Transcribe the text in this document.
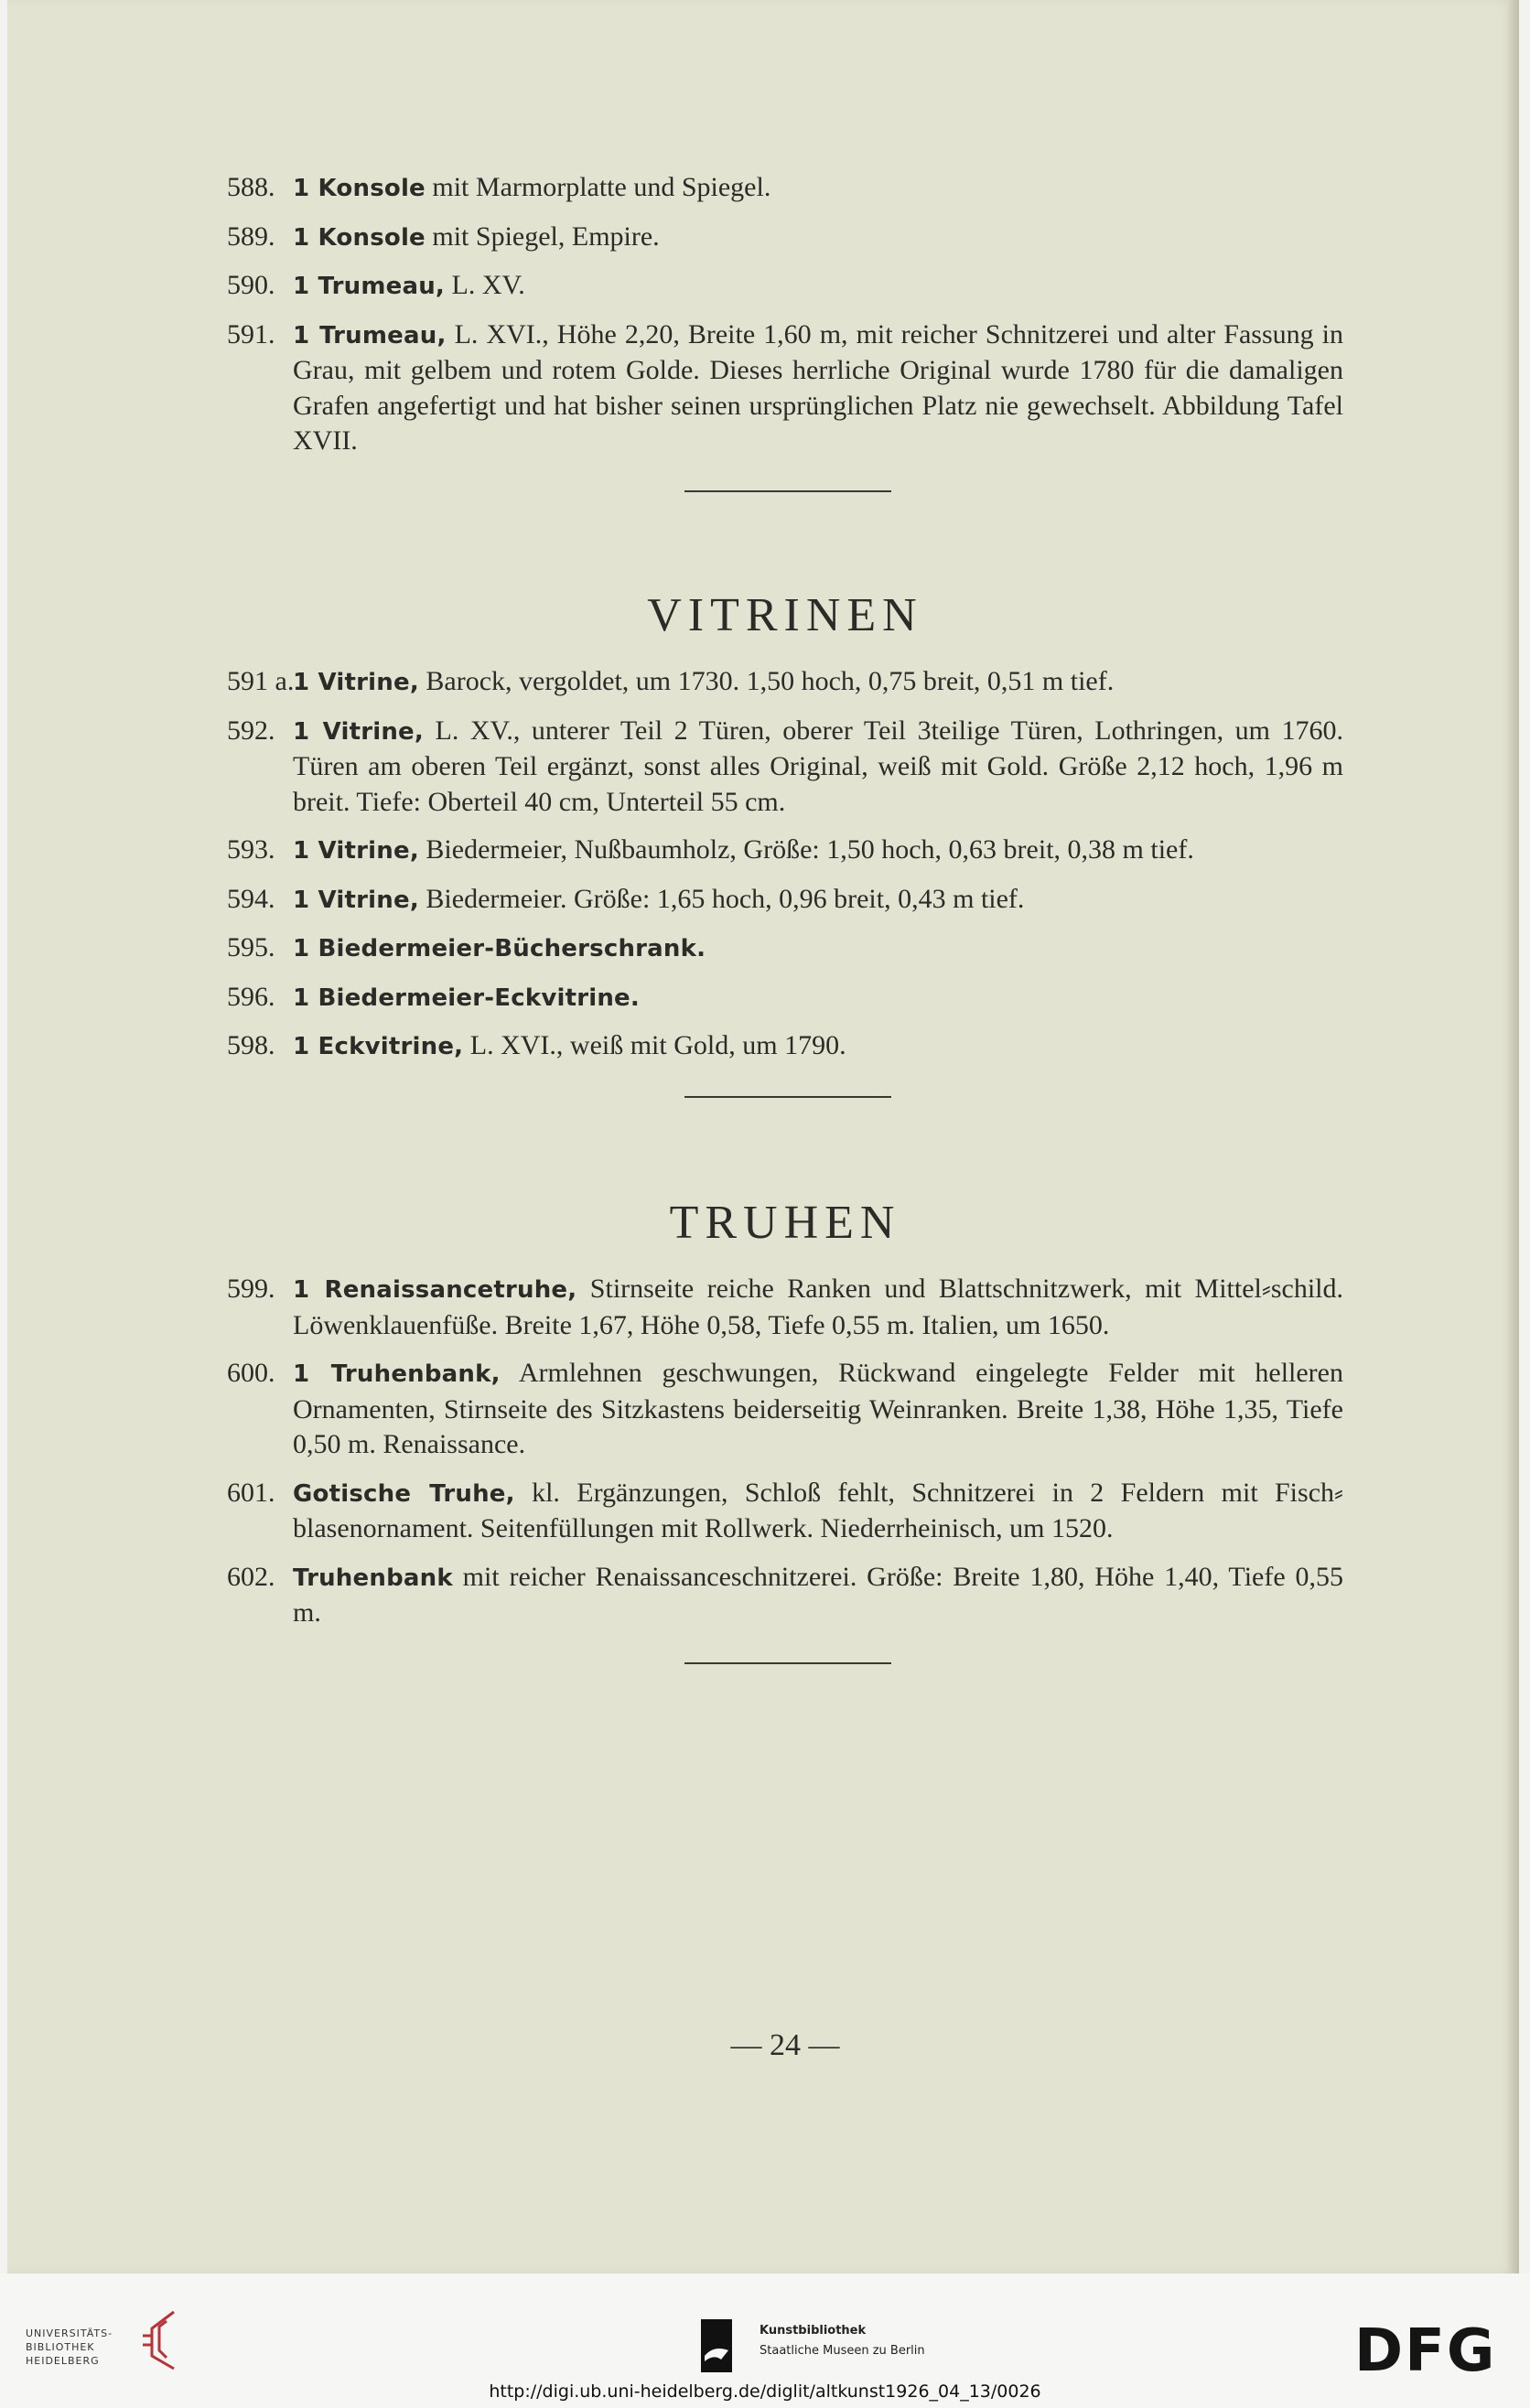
588. 1 Konsole mit Marmorplatte und Spiegel.
589. 1 Konsole mit Spiegel, Empire.
590. 1 Trumeau, L. XV.
591. 1 Trumeau, L. XVI., Höhe 2,20, Breite 1,60 m, mit reicher Schnitzerei und alter Fassung in Grau, mit gelbem und rotem Golde. Dieses herrliche Original wurde 1780 für die damaligen Grafen angefertigt und hat bisher seinen ursprünglichen Platz nie gewechselt. Abbildung Tafel XVII.
VITRINEN
591 a.
1 Vitrine, Barock, vergoldet, um 1730. 1,50 hoch, 0,75 breit, 0,51 m tief.
592. 1 Vitrine, L. XV., unterer Teil 2 Türen, oberer Teil 3teilige Türen, Lothringen, um 1760. Türen am oberen Teil ergänzt, sonst alles Original, weiß mit Gold. Größe 2,12 hoch, 1,96 m breit. Tiefe: Oberteil 40 cm, Unterteil 55 cm.
593. 1 Vitrine, Biedermeier, Nußbaumholz, Größe: 1,50 hoch, 0,63 breit, 0,38 m tief.
594. 1 Vitrine, Biedermeier. Größe: 1,65 hoch, 0,96 breit, 0,43 m tief.
595. 1 Biedermeier-Bücherschrank.
596. 1 Biedermeier-Eckvitrine.
598. 1 Eckvitrine, L. XVI., weiß mit Gold, um 1790.
TRUHEN
599. 1 Renaissancetruhe, Stirnseite reiche Ranken und Blattschnitzwerk, mit Mittel⸗schild. Löwenklauenfüße. Breite 1,67, Höhe 0,58, Tiefe 0,55 m. Italien, um 1650.
600. 1 Truhenbank, Armlehnen geschwungen, Rückwand eingelegte Felder mit helleren Ornamenten, Stirnseite des Sitzkastens beiderseitig Weinranken. Breite 1,38, Höhe 1,35, Tiefe 0,50 m. Renaissance.
601. Gotische Truhe, kl. Ergänzungen, Schloß fehlt, Schnitzerei in 2 Feldern mit Fisch⸗blasenornament. Seitenfüllungen mit Rollwerk. Niederrheinisch, um 1520.
602. Truhenbank mit reicher Renaissanceschnitzerei. Größe: Breite 1,80, Höhe 1,40, Tiefe 0,55 m.
— 24 —
UNIVERSITÄTS-
BIBLIOTHEK
HEIDELBERG
Kunstbibliothek
Staatliche Museen zu Berlin	DFG
http://digi.ub.uni-heidelberg.de/diglit/altkunst1926_04_13/0026
